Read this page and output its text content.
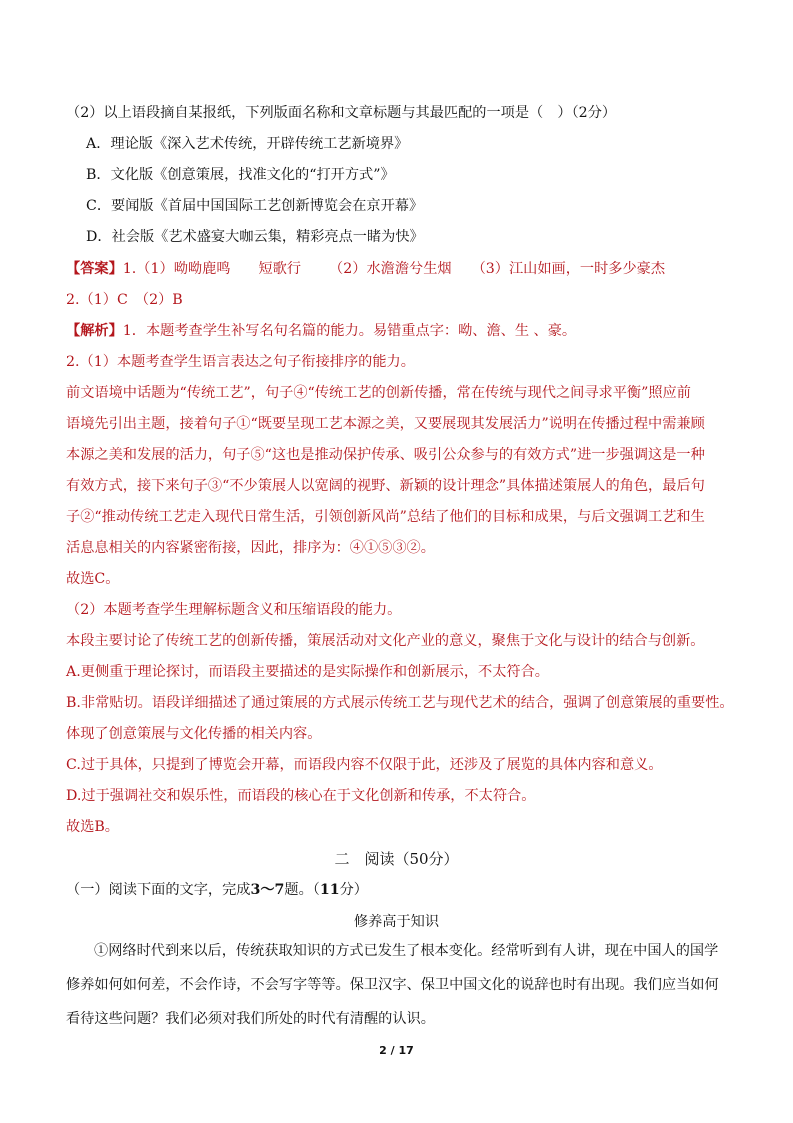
（2）以上语段摘自某报纸，下列版面名称和文章标题与其最匹配的一项是（　）（2分）
A．理论版《深入艺术传统，开辟传统工艺新境界》
B．文化版《创意策展，找准文化的“打开方式”》
C．要闻版《首届中国国际工艺创新博览会在京开幕》
D．社会版《艺术盛宴大咖云集，精彩亮点一睹为快》
【答案】1.（1）呦呦鹿鸣 短歌行 （2）水澹澹兮生烟 （3）江山如画，一时多少豪杰
2.（1）C　（2）B
【解析】1．本题考查学生补写名句名篇的能力。易错重点字：呦、澹、生 、豪。
2.（1）本题考查学生语言表达之句子衔接排序的能力。
前文语境中话题为“传统工艺”，句子④“传统工艺的创新传播，常在传统与现代之间寻求平衡”照应前
语境先引出主题，接着句子①“既要呈现工艺本源之美，又要展现其发展活力”说明在传播过程中需兼顾
本源之美和发展的活力，句子⑤“这也是推动保护传承、吸引公众参与的有效方式”进一步强调这是一种
有效方式，接下来句子③“不少策展人以宽阔的视野、新颖的设计理念”具体描述策展人的角色，最后句
子②“推动传统工艺走入现代日常生活，引领创新风尚”总结了他们的目标和成果，与后文强调工艺和生
活息息相关的内容紧密衔接，因此，排序为：④①⑤③②。
故选C。
（2）本题考查学生理解标题含义和压缩语段的能力。
本段主要讨论了传统工艺的创新传播，策展活动对文化产业的意义，聚焦于文化与设计的结合与创新。
A.更侧重于理论探讨，而语段主要描述的是实际操作和创新展示，不太符合。
B.非常贴切。语段详细描述了通过策展的方式展示传统工艺与现代艺术的结合，强调了创意策展的重要性。
体现了创意策展与文化传播的相关内容。
C.过于具体，只提到了博览会开幕，而语段内容不仅限于此，还涉及了展览的具体内容和意义。
D.过于强调社交和娱乐性，而语段的核心在于文化创新和传承，不太符合。
故选B。
二　阅读（50分）
（一）阅读下面的文字，完成3～7题。（11分）
修养高于知识
①网络时代到来以后，传统获取知识的方式已发生了根本变化。经常听到有人讲，现在中国人的国学
修养如何如何差，不会作诗，不会写字等等。保卫汉字、保卫中国文化的说辞也时有出现。我们应当如何
看待这些问题？我们必须对我们所处的时代有清醒的认识。
2 / 17
